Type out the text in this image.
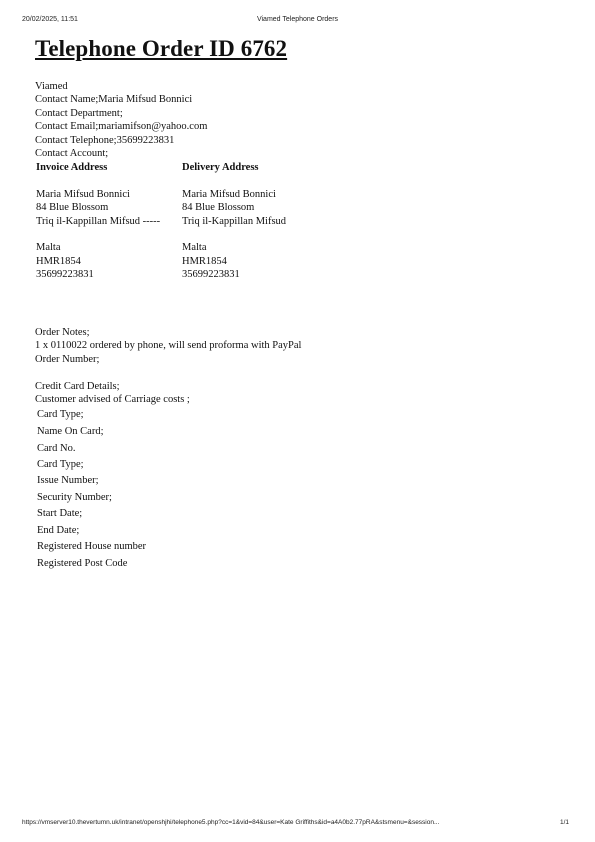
20/02/2025, 11:51	Viamed Telephone Orders
Telephone Order ID 6762
Viamed
Contact Name;Maria Mifsud Bonnici
Contact Department;
Contact Email;mariamifson@yahoo.com
Contact Telephone;35699223831
Contact Account;
Invoice Address
Maria Mifsud Bonnici
84 Blue Blossom
Triq il-Kappillan Mifsud -----
Malta
HMR1854
35699223831
Delivery Address
Maria Mifsud Bonnici
84 Blue Blossom
Triq il-Kappillan Mifsud
Malta
HMR1854
35699223831
Order Notes;
1 x 0110022 ordered by phone, will send proforma with PayPal
Order Number;
Credit Card Details;
Customer advised of Carriage costs ;
Card Type;
Name On Card;
Card No.
Card Type;
Issue Number;
Security Number;
Start Date;
End Date;
Registered House number
Registered Post Code
https://vmserver10.thevertumn.uk/intranet/openshjhi/telephone5.php?cc=1&vid=84&user=Kate Griffiths&id=a4A0b2.77pRA&stsmenu=&session...	1/1
